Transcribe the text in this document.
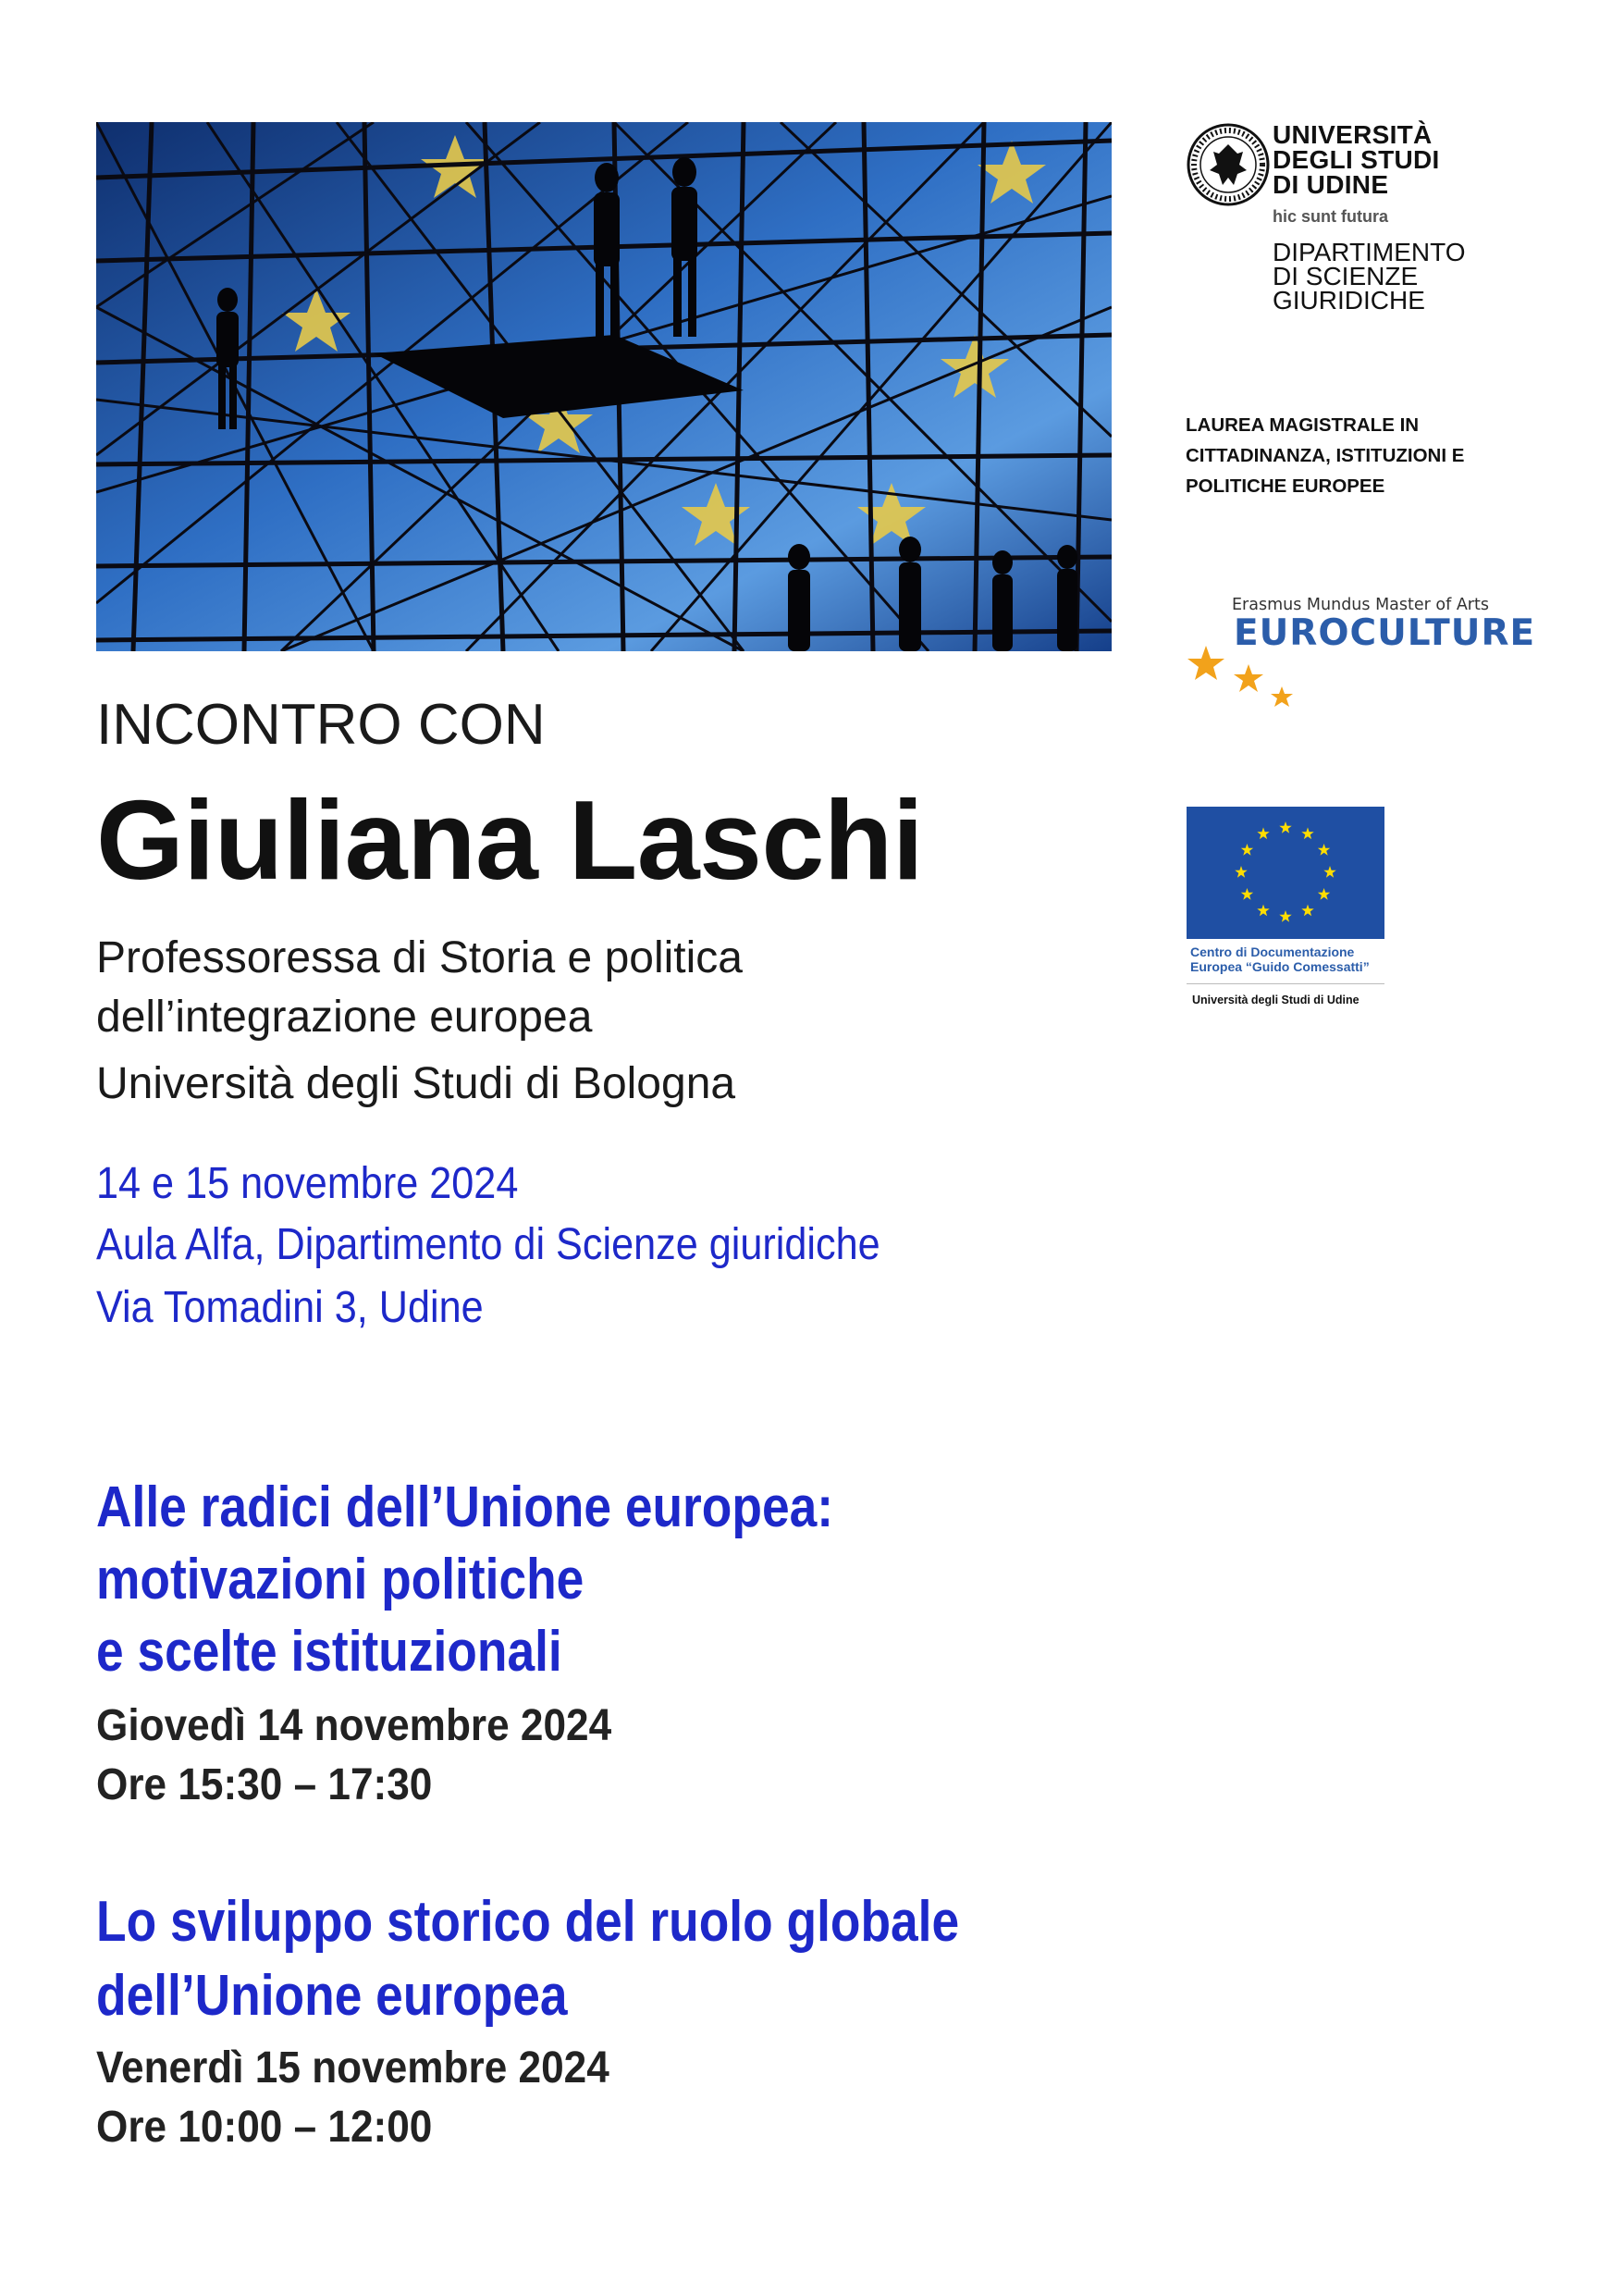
UNIVERSITÀ
DEGLI STUDI
DI UDINE
hic sunt futura
DIPARTIMENTO
DI SCIENZE
GIURIDICHE
LAUREA MAGISTRALE IN
CITTADINANZA, ISTITUZIONI E
POLITICHE EUROPEE
Erasmus Mundus Master of Arts
EUROCULTURE
Centro di Documentazione
Europea “Guido Comessatti”
Università degli Studi di Udine
INCONTRO CON
Giuliana Laschi
Professoressa di Storia e politica
dell’integrazione europea
Università degli Studi di Bologna
14 e 15 novembre 2024
Aula Alfa, Dipartimento di Scienze giuridiche
Via Tomadini 3, Udine
Alle radici dell’Unione europea:
motivazioni politiche
e scelte istituzionali
Giovedì 14 novembre 2024
Ore 15:30 – 17:30
Lo sviluppo storico del ruolo globale
dell’Unione europea
Venerdì 15 novembre 2024
Ore 10:00 – 12:00
